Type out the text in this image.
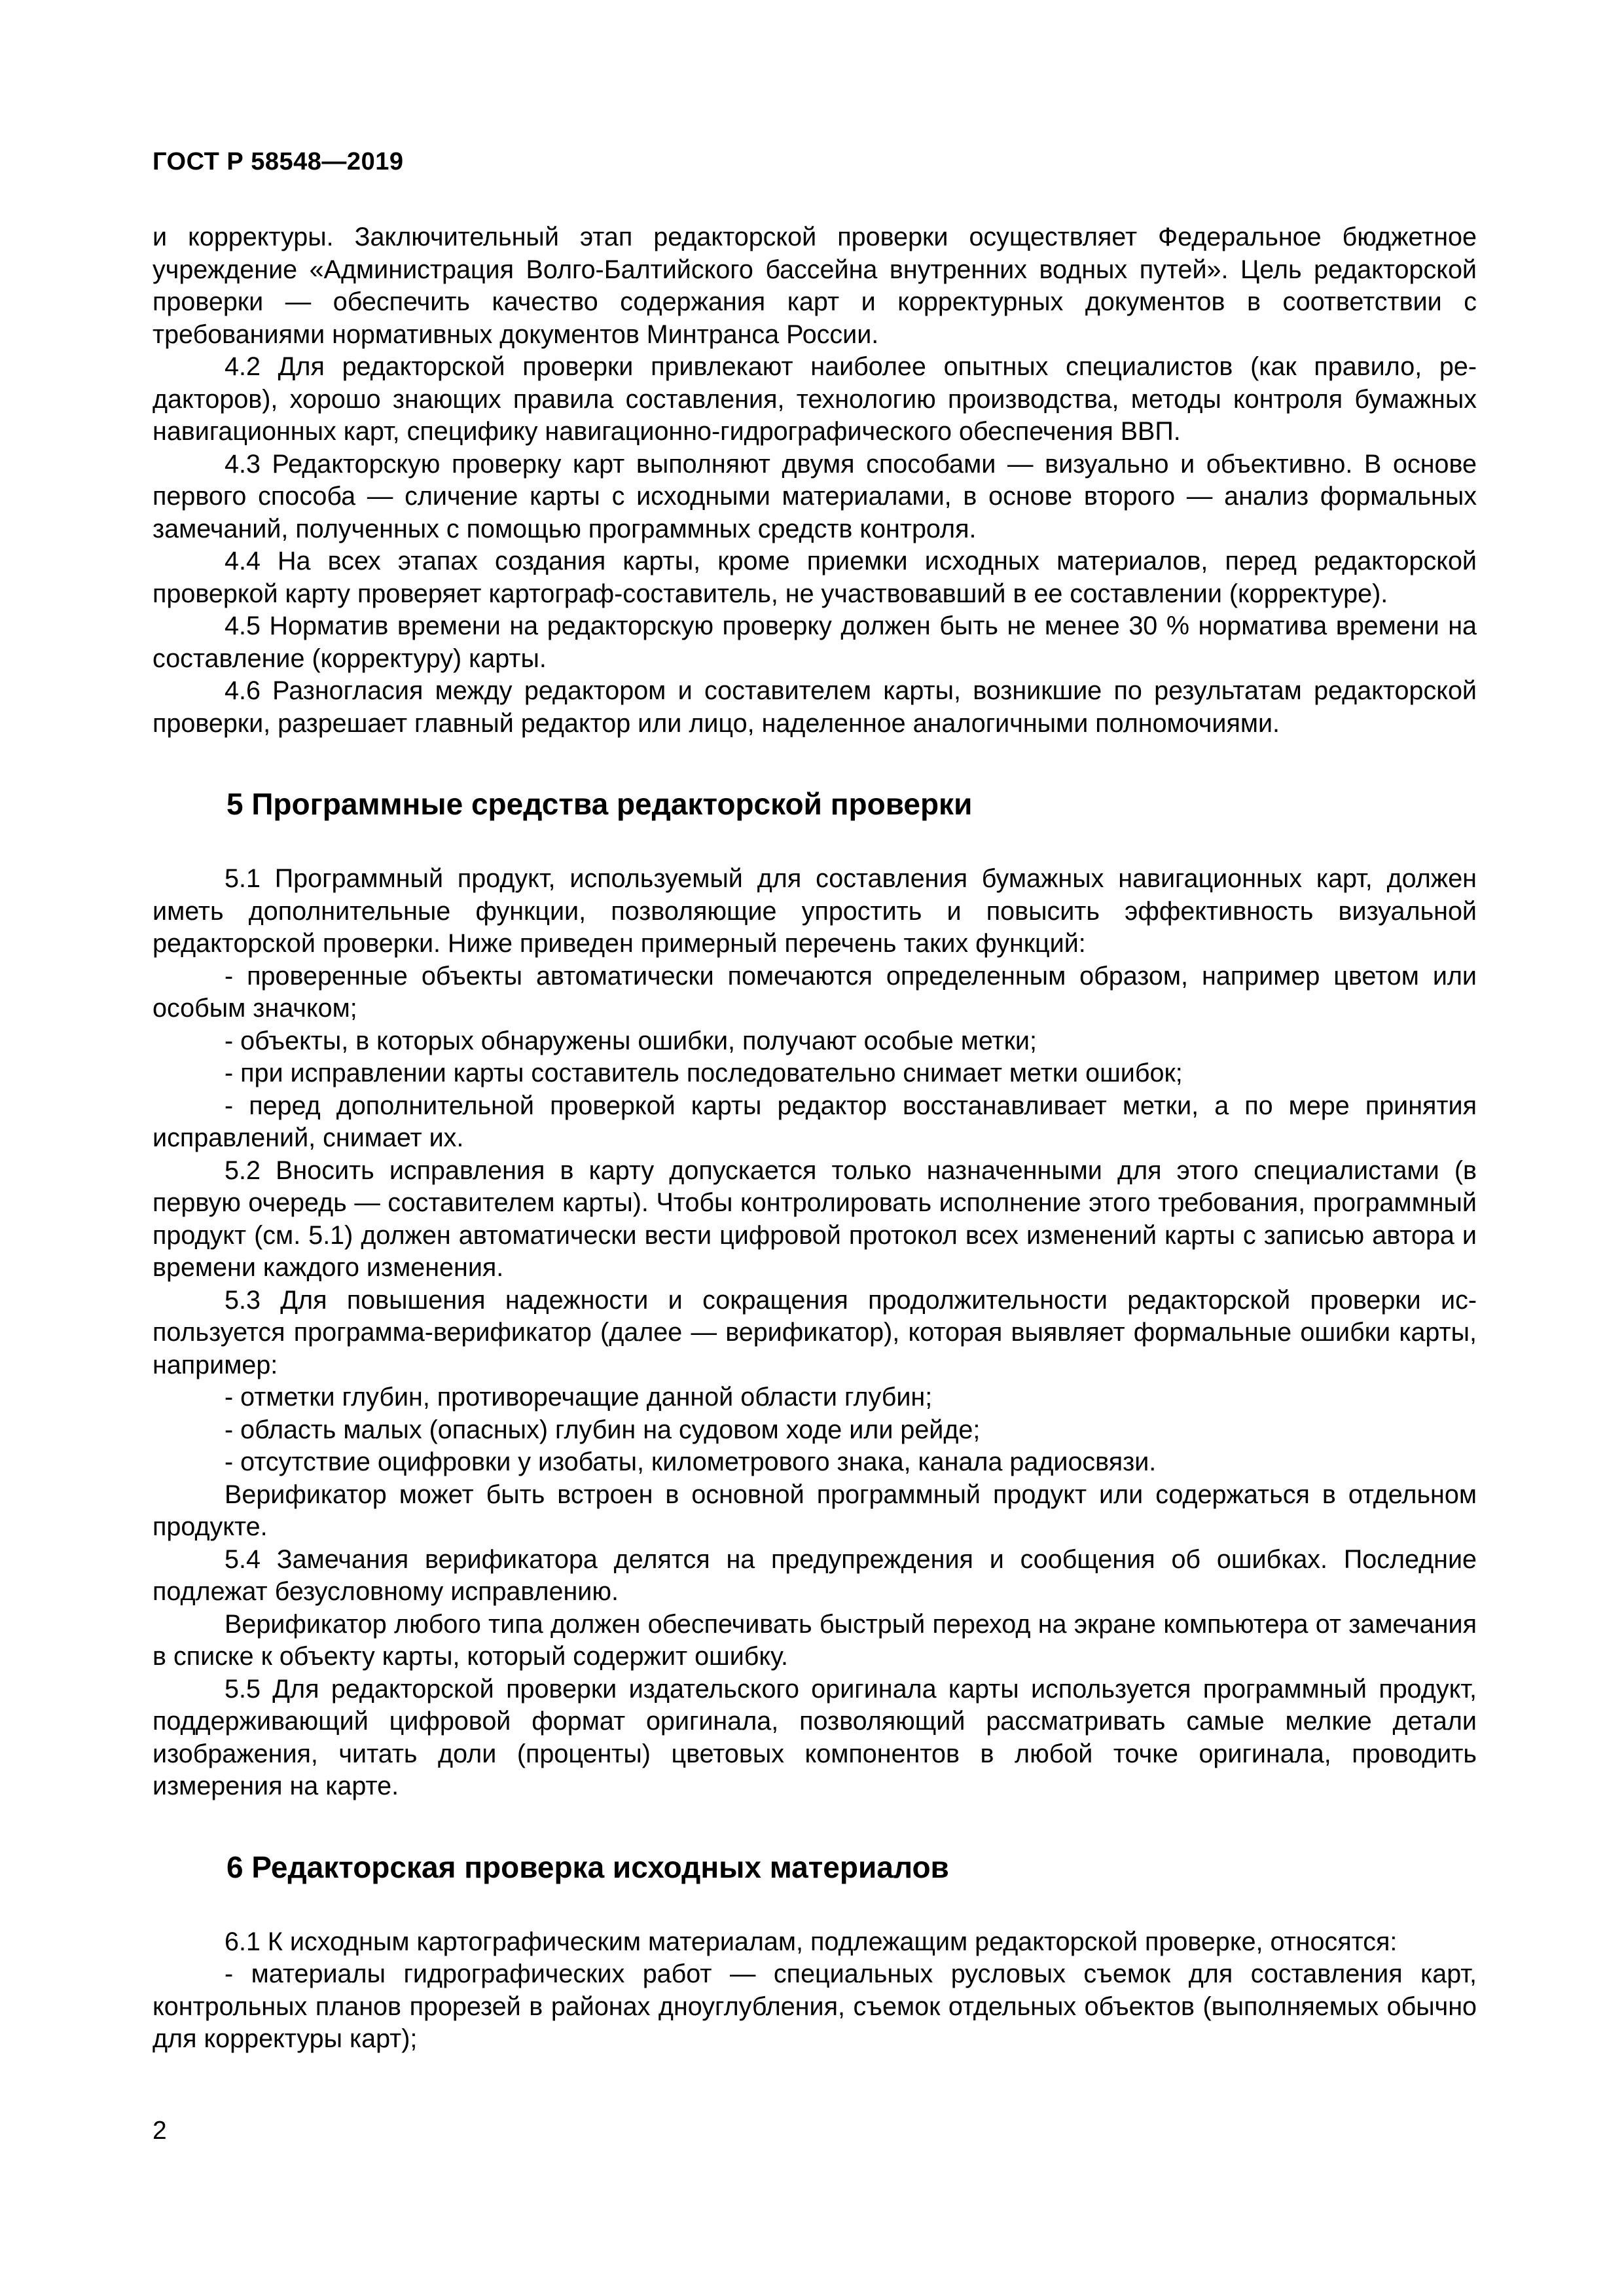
ГОСТ Р 58548—2019

и корректуры. Заключительный этап редакторской проверки осуществляет Федеральное бюджетное учреждение «Администрация Волго-Балтийского бассейна внутренних водных путей». Цель редакторской проверки — обеспечить качество содержания карт и корректурных документов в соответствии с требованиями нормативных документов Минтранса России.

4.2 Для редакторской проверки привлекают наиболее опытных специалистов (как правило, редакторов), хорошо знающих правила составления, технологию производства, методы контроля бумажных навигационных карт, специфику навигационно-гидрографического обеспечения ВВП.

4.3 Редакторскую проверку карт выполняют двумя способами — визуально и объективно. В основе первого способа — сличение карты с исходными материалами, в основе второго — анализ формальных замечаний, полученных с помощью программных средств контроля.

4.4 На всех этапах создания карты, кроме приемки исходных материалов, перед редакторской проверкой карту проверяет картограф-составитель, не участвовавший в ее составлении (корректуре).

4.5 Норматив времени на редакторскую проверку должен быть не менее 30 % норматива времени на составление (корректуру) карты.

4.6 Разногласия между редактором и составителем карты, возникшие по результатам редакторской проверки, разрешает главный редактор или лицо, наделенное аналогичными полномочиями.

5 Программные средства редакторской проверки

5.1 Программный продукт, используемый для составления бумажных навигационных карт, должен иметь дополнительные функции, позволяющие упростить и повысить эффективность визуальной редакторской проверки. Ниже приведен примерный перечень таких функций:

- проверенные объекты автоматически помечаются определенным образом, например цветом или особым значком;

- объекты, в которых обнаружены ошибки, получают особые метки;

- при исправлении карты составитель последовательно снимает метки ошибок;

- перед дополнительной проверкой карты редактор восстанавливает метки, а по мере принятия исправлений, снимает их.

5.2 Вносить исправления в карту допускается только назначенными для этого специалистами (в первую очередь — составителем карты). Чтобы контролировать исполнение этого требования, программный продукт (см. 5.1) должен автоматически вести цифровой протокол всех изменений карты с записью автора и времени каждого изменения.

5.3 Для повышения надежности и сокращения продолжительности редакторской проверки используется программа-верификатор (далее — верификатор), которая выявляет формальные ошибки карты, например:

- отметки глубин, противоречащие данной области глубин;

- область малых (опасных) глубин на судовом ходе или рейде;

- отсутствие оцифровки у изобаты, километрового знака, канала радиосвязи.

Верификатор может быть встроен в основной программный продукт или содержаться в отдельном продукте.

5.4 Замечания верификатора делятся на предупреждения и сообщения об ошибках. Последние подлежат безусловному исправлению.

Верификатор любого типа должен обеспечивать быстрый переход на экране компьютера от замечания в списке к объекту карты, который содержит ошибку.

5.5 Для редакторской проверки издательского оригинала карты используется программный продукт, поддерживающий цифровой формат оригинала, позволяющий рассматривать самые мелкие детали изображения, читать доли (проценты) цветовых компонентов в любой точке оригинала, проводить измерения на карте.

6 Редакторская проверка исходных материалов

6.1 К исходным картографическим материалам, подлежащим редакторской проверке, относятся:

- материалы гидрографических работ — специальных русловых съемок для составления карт, контрольных планов прорезей в районах дноуглубления, съемок отдельных объектов (выполняемых обычно для корректуры карт);

2
